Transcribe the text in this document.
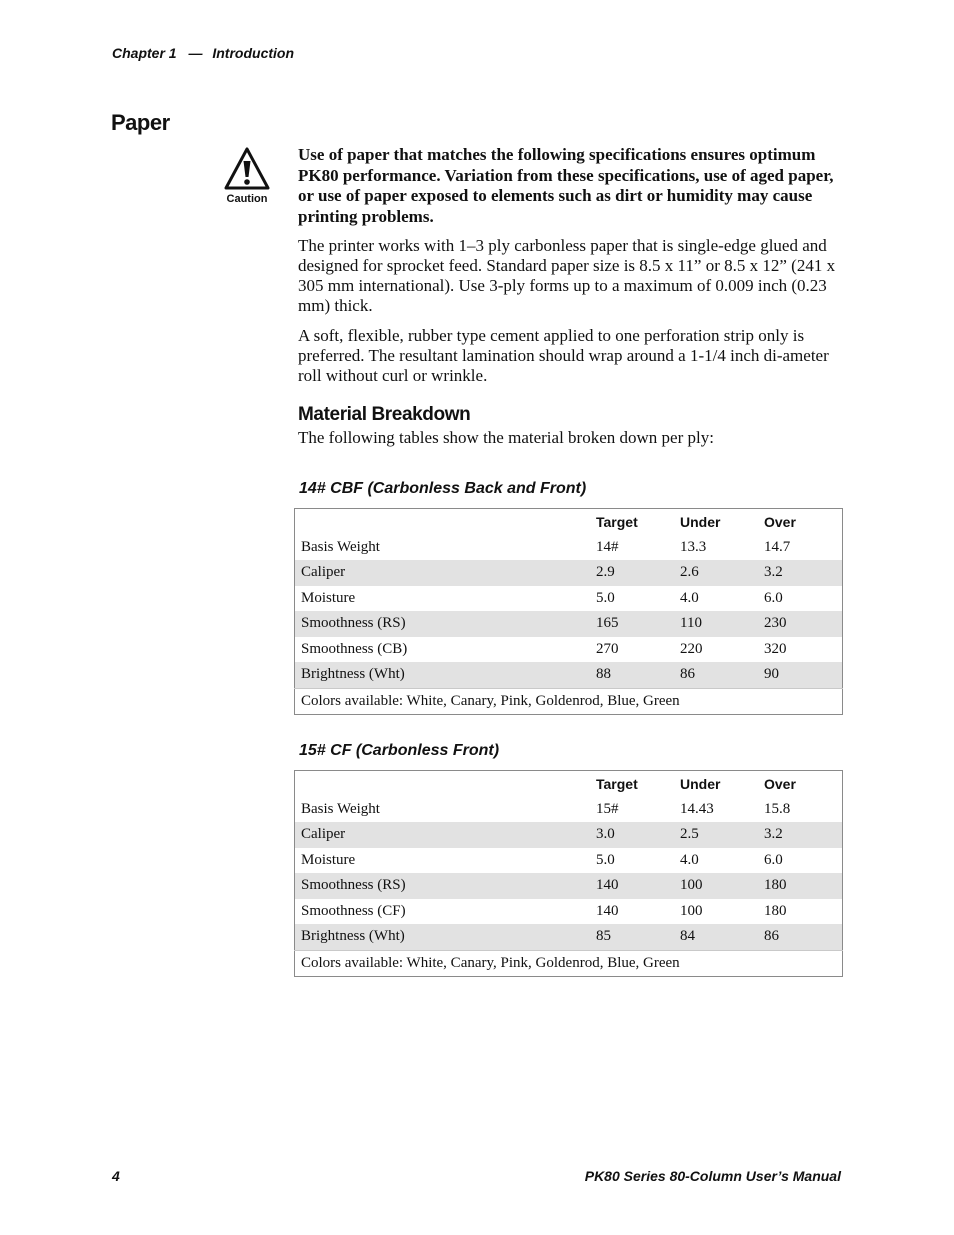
Chapter 1 — Introduction
Paper
Caution

Use of paper that matches the following specifications ensures optimum PK80 performance. Variation from these specifications, use of aged paper, or use of paper exposed to elements such as dirt or humidity may cause printing problems.

The printer works with 1–3 ply carbonless paper that is single-edge glued and designed for sprocket feed. Standard paper size is 8.5 x 11” or 8.5 x 12” (241 x 305 mm international). Use 3-ply forms up to a maximum of 0.009 inch (0.23 mm) thick.

A soft, flexible, rubber type cement applied to one perforation strip only is preferred. The resultant lamination should wrap around a 1-1/4 inch di-ameter roll without curl or wrinkle.

Material Breakdown

The following tables show the material broken down per ply:

14# CBF (Carbonless Back and Front)

	Target	Under	Over
Basis Weight	14#	13.3	14.7
Caliper	2.9	2.6	3.2
Moisture	5.0	4.0	6.0
Smoothness (RS)	165	110	230
Smoothness (CB)	270	220	320
Brightness (Wht)	88	86	90
Colors available: White, Canary, Pink, Goldenrod, Blue, Green			

15# CF (Carbonless Front)

	Target	Under	Over
Basis Weight	15#	14.43	15.8
Caliper	3.0	2.5	3.2
Moisture	5.0	4.0	6.0
Smoothness (RS)	140	100	180
Smoothness (CF)	140	100	180
Brightness (Wht)	85	84	86
Colors available: White, Canary, Pink, Goldenrod, Blue, Green			
4	PK80 Series 80-Column User’s Manual
